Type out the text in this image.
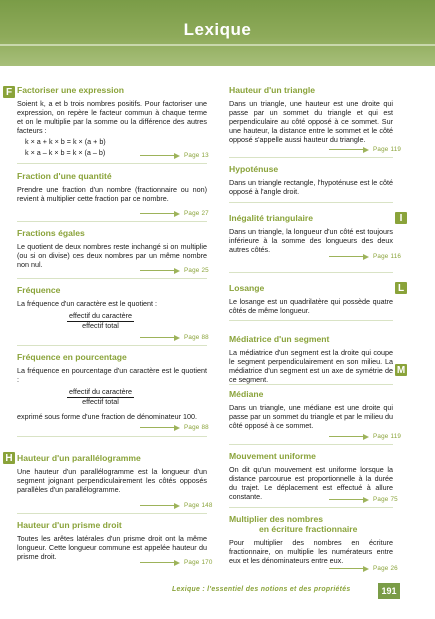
Lexique
F
H
I
L
M

Factoriser une expression

Soient k, a et b trois nombres positifs. Pour factoriser une expression, on repère le facteur commun à chaque terme et on le multiplie par la somme ou la différence des autres facteurs :

k × a + k × b = k × (a + b)

k × a – k × b = k × (a – b)	Page 13

Fraction d'une quantité

Prendre une fraction d'un nombre (fractionnaire ou non) revient à multiplier cette fraction par ce nombre.

Page 27

Fractions égales

Le quotient de deux nombres reste inchangé si on multiplie (ou si on divise) ces deux nombres par un même nombre non nul.

Page 25

Fréquence

La fréquence d'un caractère est le quotient :

$\frac{\text{effectif du caractère}}{\text{effectif total}}$
Page 88

Fréquence en pourcentage

La fréquence en pourcentage d'un caractère est le quotient :

$\frac{\text{effectif du caractère}}{\text{effectif total}}$

exprimé sous forme d'une fraction de dénominateur 100.

Page 88

Hauteur d'un parallélogramme

Une hauteur d'un parallélogramme est la longueur d'un segment joignant perpendiculairement les côtés opposés parallèles d'un parallélogramme.

Page 148

Hauteur d'un prisme droit

Toutes les arêtes latérales d'un prisme droit ont la même longueur. Cette longueur commune est appelée hauteur du prisme droit.

Page 170

Hauteur d'un triangle

Dans un triangle, une hauteur est une droite qui passe par un sommet du triangle et qui est perpendiculaire au côté opposé à ce sommet. Sur une hauteur, la distance entre le sommet et le côté opposé s'appelle aussi hauteur du triangle.

Page 119

Hypoténuse

Dans un triangle rectangle, l'hypoténuse est le côté opposé à l'angle droit.

Inégalité triangulaire

Dans un triangle, la longueur d'un côté est toujours inférieure à la somme des longueurs des deux autres côtés.

Page 116

Losange

Le losange est un quadrilatère qui possède quatre côtés de même longueur.

Médiatrice d'un segment

La médiatrice d'un segment est la droite qui coupe le segment perpendiculairement en son milieu. La médiatrice d'un segment est un axe de symétrie de ce segment.

Médiane

Dans un triangle, une médiane est une droite qui passe par un sommet du triangle et par le milieu du côté opposé à ce sommet.

Page 119

Mouvement uniforme

On dit qu'un mouvement est uniforme lorsque la distance parcourue est proportionnelle à la durée du trajet. Le déplacement est effectué à allure constante.	Page 75

Multiplier des nombres

en écriture fractionnaire

Pour multiplier des nombres en écriture fractionnaire, on multiplie les numérateurs entre eux et les dénominateurs entre eux.

Page 26
Lexique : l'essentiel des notions et des propriétés	191
